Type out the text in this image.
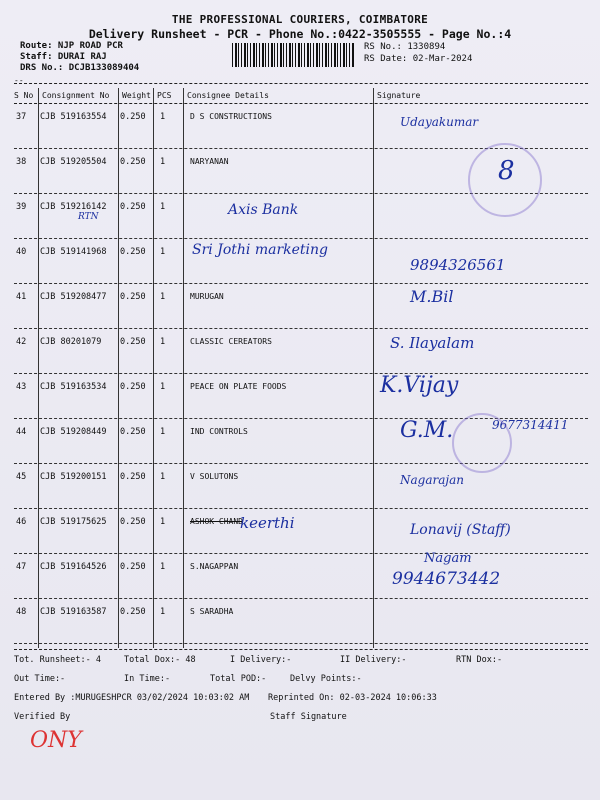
THE PROFESSIONAL COURIERS, COIMBATORE
Delivery Runsheet - PCR - Phone No.:0422-3505555 - Page No.:4
Route: NJP ROAD PCR
Staff: DURAI RAJ
DRS No.: DCJB133089404
RS No.: 1330894
RS Date: 02-Mar-2024
--
S No Consignment No Weight PCS Consignee Details	Signature
37 CJB 519163554 0.250 1	D S CONSTRUCTIONS	Udayakumar
38 CJB 519205504 0.250 1	NARYANAN	8
39 CJB 519216142 0.250 1	Axis Bank
RTN
40 CJB 519141968 0.250 1 Sri Jothi marketing
9894326561
41 CJB 519208477 0.250 1	MURUGAN	M.Bil
42 CJB 80201079 0.250 1	CLASSIC CEREATORS	S. Ilayalam
43 CJB 519163534 0.250 1	PEACE ON PLATE FOODS	K.Vijay
44 CJB 519208449 0.250 1	IND CONTROLS	G.M.	9677314411
45 CJB 519200151 0.250 1	V SOLUTONS	Nagarajan
46 CJB 519175625 0.250 1	ASHOK CHAND
keerthi	Lonavij (Staff)
47 CJB 519164526 0.250 1	S.NAGAPPAN
Nagam
9944673442
48 CJB 519163587 0.250 1	S SARADHA
Tot. Runsheet:- 4	Total Dox:- 48	I Delivery:-	II Delivery:-	RTN Dox:-
Out Time:-	In Time:-	Total POD:-	Delvy Points:-
Entered By :MURUGESHPCR 03/02/2024 10:03:02 AM Reprinted On: 02-03-2024 10:06:33
Verified By	Staff Signature
ONY
